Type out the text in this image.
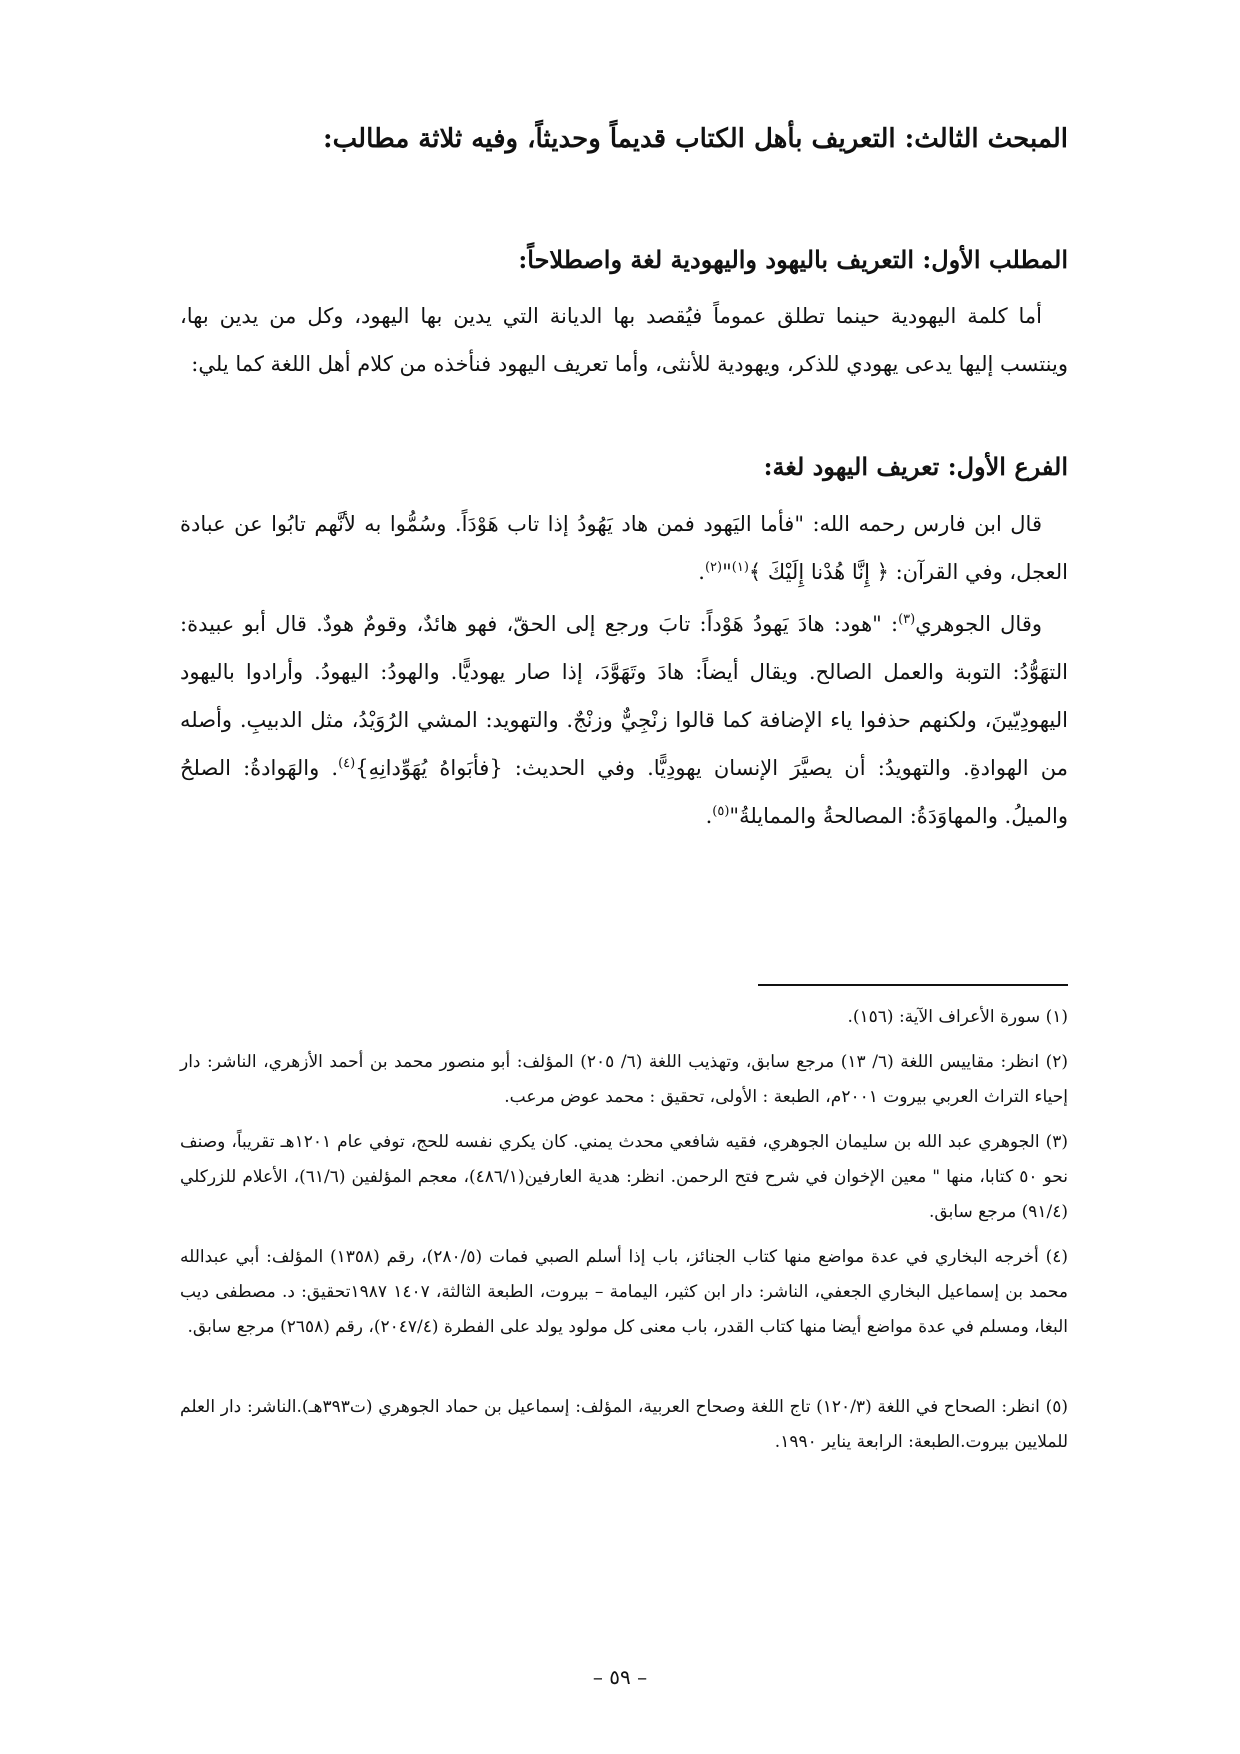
المبحث الثالث: التعريف بأهل الكتاب قديماً وحديثاً، وفيه ثلاثة مطالب:
المطلب الأول: التعريف باليهود واليهودية لغة واصطلاحاً:
أما كلمة اليهودية حينما تطلق عموماً فيُقصد بها الديانة التي يدين بها اليهود، وكل من يدين بها، وينتسب إليها يدعى يهودي للذكر، ويهودية للأنثى، وأما تعريف اليهود فنأخذه من كلام أهل اللغة كما يلي:
الفرع الأول: تعريف اليهود لغة:
قال ابن فارس رحمه الله: "فأما اليَهود فمن هاد يَهُودُ إذا تاب هَوْدَاً. وسُمُّوا به لأنَّهم تابُوا عن عبادة العجل، وفي القرآن: ﴿ إِنَّا هُدْنا إِلَيْكَ ﴾$^{(١)}$"$^{(٢)}$.
وقال الجوهري$^{(٣)}$: "هود: هادَ يَهودُ هَوْداً: تابَ ورجع إلى الحقّ، فهو هائدٌ، وقومٌ هودٌ. قال أبو عبيدة: التهَوُّدُ: التوبة والعمل الصالح. ويقال أيضاً: هادَ وتَهَوَّدَ، إذا صار يهوديًّا. والهودُ: اليهودُ. وأرادوا باليهود اليهودِيّينَ، ولكنهم حذفوا ياء الإضافة كما قالوا زنْجِيٌّ وزنْجٌ. والتهويد: المشي الرُوَيْدُ، مثل الدبيبِ. وأصله من الهوادةِ. والتهويدُ: أن يصيَّرَ الإنسان يهودِيًّا. وفي الحديث: {فأبَواهُ يُهَوِّدانِهِ}$^{(٤)}$. والهَوادةُ: الصلحُ والميلُ. والمهاوَدَةُ: المصالحةُ والممايلةُ"$^{(٥)}$.
(١) سورة الأعراف الآية: (١٥٦).
(٢) انظر: مقاييس اللغة (٦/ ١٣) مرجع سابق، وتهذيب اللغة (٦/ ٢٠٥) المؤلف: أبو منصور محمد بن أحمد الأزهري، الناشر: دار إحياء التراث العربي بيروت ٢٠٠١م، الطبعة : الأولى، تحقيق : محمد عوض مرعب.
(٣) الجوهري عبد الله بن سليمان الجوهري، فقيه شافعي محدث يمني. كان يكري نفسه للحج، توفي عام ١٢٠١هـ تقريباً، وصنف نحو ٥٠ كتابا، منها " معين الإخوان في شرح فتح الرحمن. انظر: هدية العارفين(٤٨٦/١)، معجم المؤلفين (٦١/٦)، الأعلام للزركلي (٩١/٤) مرجع سابق.
(٤) أخرجه البخاري في عدة مواضع منها كتاب الجنائز، باب إذا أسلم الصبي فمات (٢٨٠/٥)، رقم (١٣٥٨) المؤلف: أبي عبدالله محمد بن إسماعيل البخاري الجعفي، الناشر: دار ابن كثير، اليمامة – بيروت، الطبعة الثالثة، ١٤٠٧ ١٩٨٧تحقيق: د. مصطفى ديب البغا، ومسلم في عدة مواضع أيضا منها كتاب القدر، باب معنى كل مولود يولد على الفطرة (٢٠٤٧/٤)، رقم (٢٦٥٨) مرجع سابق.
(٥) انظر: الصحاح في اللغة (١٢٠/٣) تاج اللغة وصحاح العربية، المؤلف: إسماعيل بن حماد الجوهري (ت٣٩٣هـ).الناشر: دار العلم للملايين بيروت.الطبعة: الرابعة يناير ١٩٩٠.
– ٥٩ –
